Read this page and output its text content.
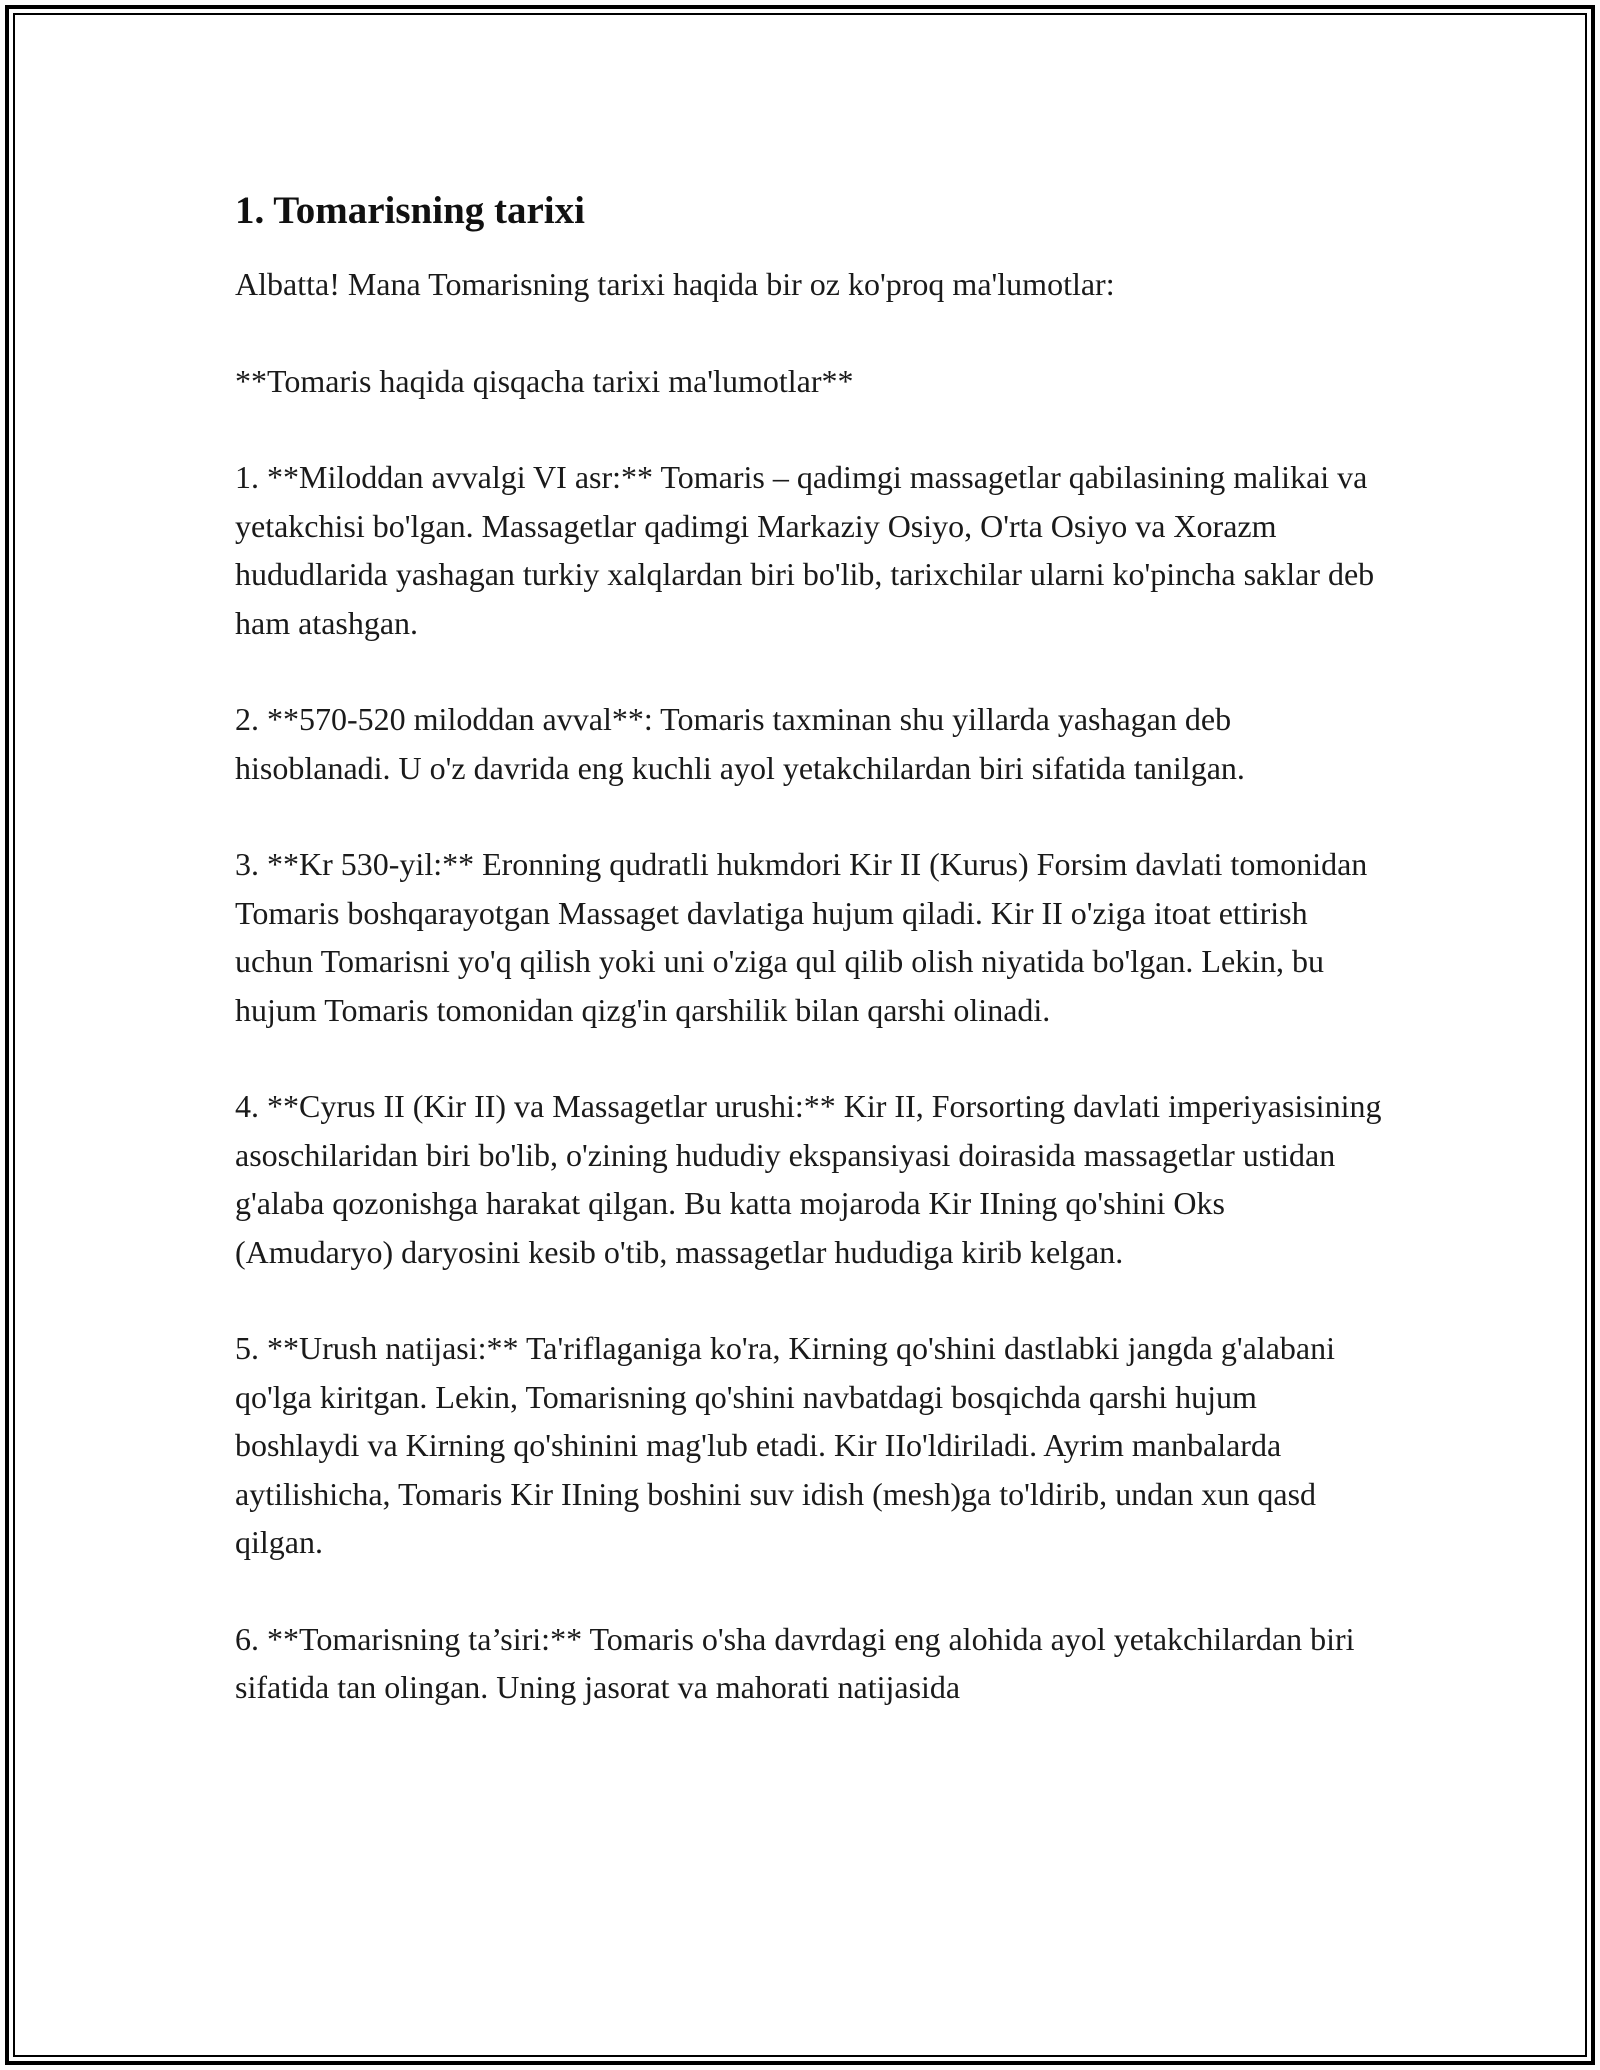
1. Tomarisning tarixi

Albatta! Mana Tomarisning tarixi haqida bir oz ko'proq ma'lumotlar:

**Tomaris haqida qisqacha tarixi ma'lumotlar**

1. **Miloddan avvalgi VI asr:** Tomaris – qadimgi massagetlar qabilasining malikai va yetakchisi bo'lgan. Massagetlar qadimgi Markaziy Osiyo, O'rta Osiyo va Xorazm hududlarida yashagan turkiy xalqlardan biri bo'lib, tarixchilar ularni ko'pincha saklar deb ham atashgan.

2. **570-520 miloddan avval**: Tomaris taxminan shu yillarda yashagan deb hisoblanadi. U o'z davrida eng kuchli ayol yetakchilardan biri sifatida tanilgan.

3. **Kr 530-yil:** Eronning qudratli hukmdori Kir II (Kurus) Forsim davlati tomonidan Tomaris boshqarayotgan Massaget davlatiga hujum qiladi. Kir II o'ziga itoat ettirish uchun Tomarisni yo'q qilish yoki uni o'ziga qul qilib olish niyatida bo'lgan. Lekin, bu hujum Tomaris tomonidan qizg'in qarshilik bilan qarshi olinadi.

4. **Cyrus II (Kir II) va Massagetlar urushi:** Kir II, Forsorting davlati imperiyasisining asoschilaridan biri bo'lib, o'zining hududiy ekspansiyasi doirasida massagetlar ustidan g'alaba qozonishga harakat qilgan. Bu katta mojaroda Kir IIning qo'shini Oks (Amudaryo) daryosini kesib o'tib, massagetlar hududiga kirib kelgan.

5. **Urush natijasi:** Ta'riflaganiga ko'ra, Kirning qo'shini dastlabki jangda g'alabani qo'lga kiritgan. Lekin, Tomarisning qo'shini navbatdagi bosqichda qarshi hujum boshlaydi va Kirning qo'shinini mag'lub etadi. Kir IIo'ldiriladi. Ayrim manbalarda aytilishicha, Tomaris Kir IIning boshini suv idish (mesh)ga to'ldirib, undan xun qasd qilgan.

6. **Tomarisning ta’siri:** Tomaris o'sha davrdagi eng alohida ayol yetakchilardan biri sifatida tan olingan. Uning jasorat va mahorati natijasida
